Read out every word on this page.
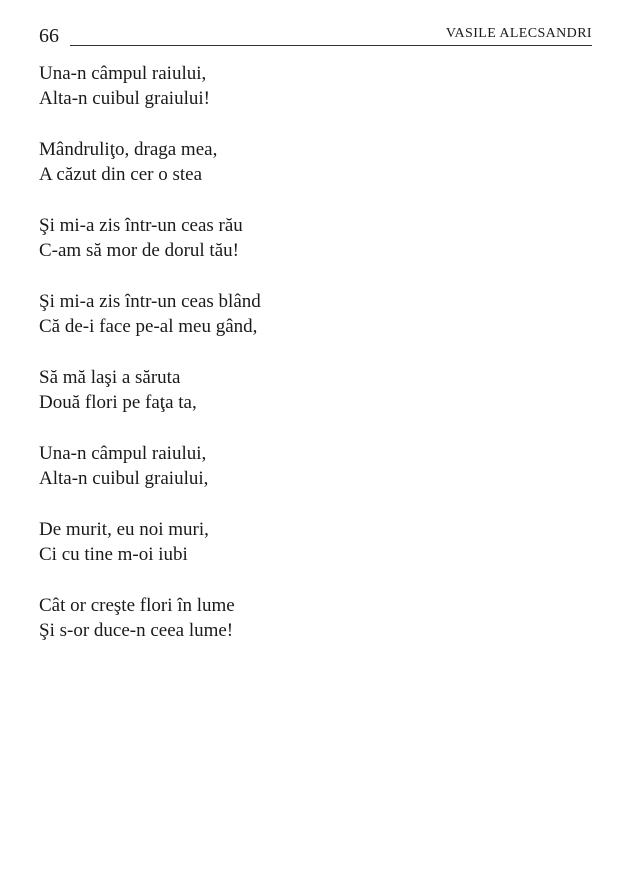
66	VASILE ALECSANDRI
Una-n câmpul raiului,
Alta-n cuibul graiului!
Mândruliţo, draga mea,
A căzut din cer o stea
Şi mi-a zis într-un ceas rău
C-am să mor de dorul tău!
Şi mi-a zis într-un ceas blând
Că de-i face pe-al meu gând,
Să mă laşi a săruta
Două flori pe faţa ta,
Una-n câmpul raiului,
Alta-n cuibul graiului,
De murit, eu noi muri,
Ci cu tine m-oi iubi
Cât or creşte flori în lume
Şi s-or duce-n ceea lume!
